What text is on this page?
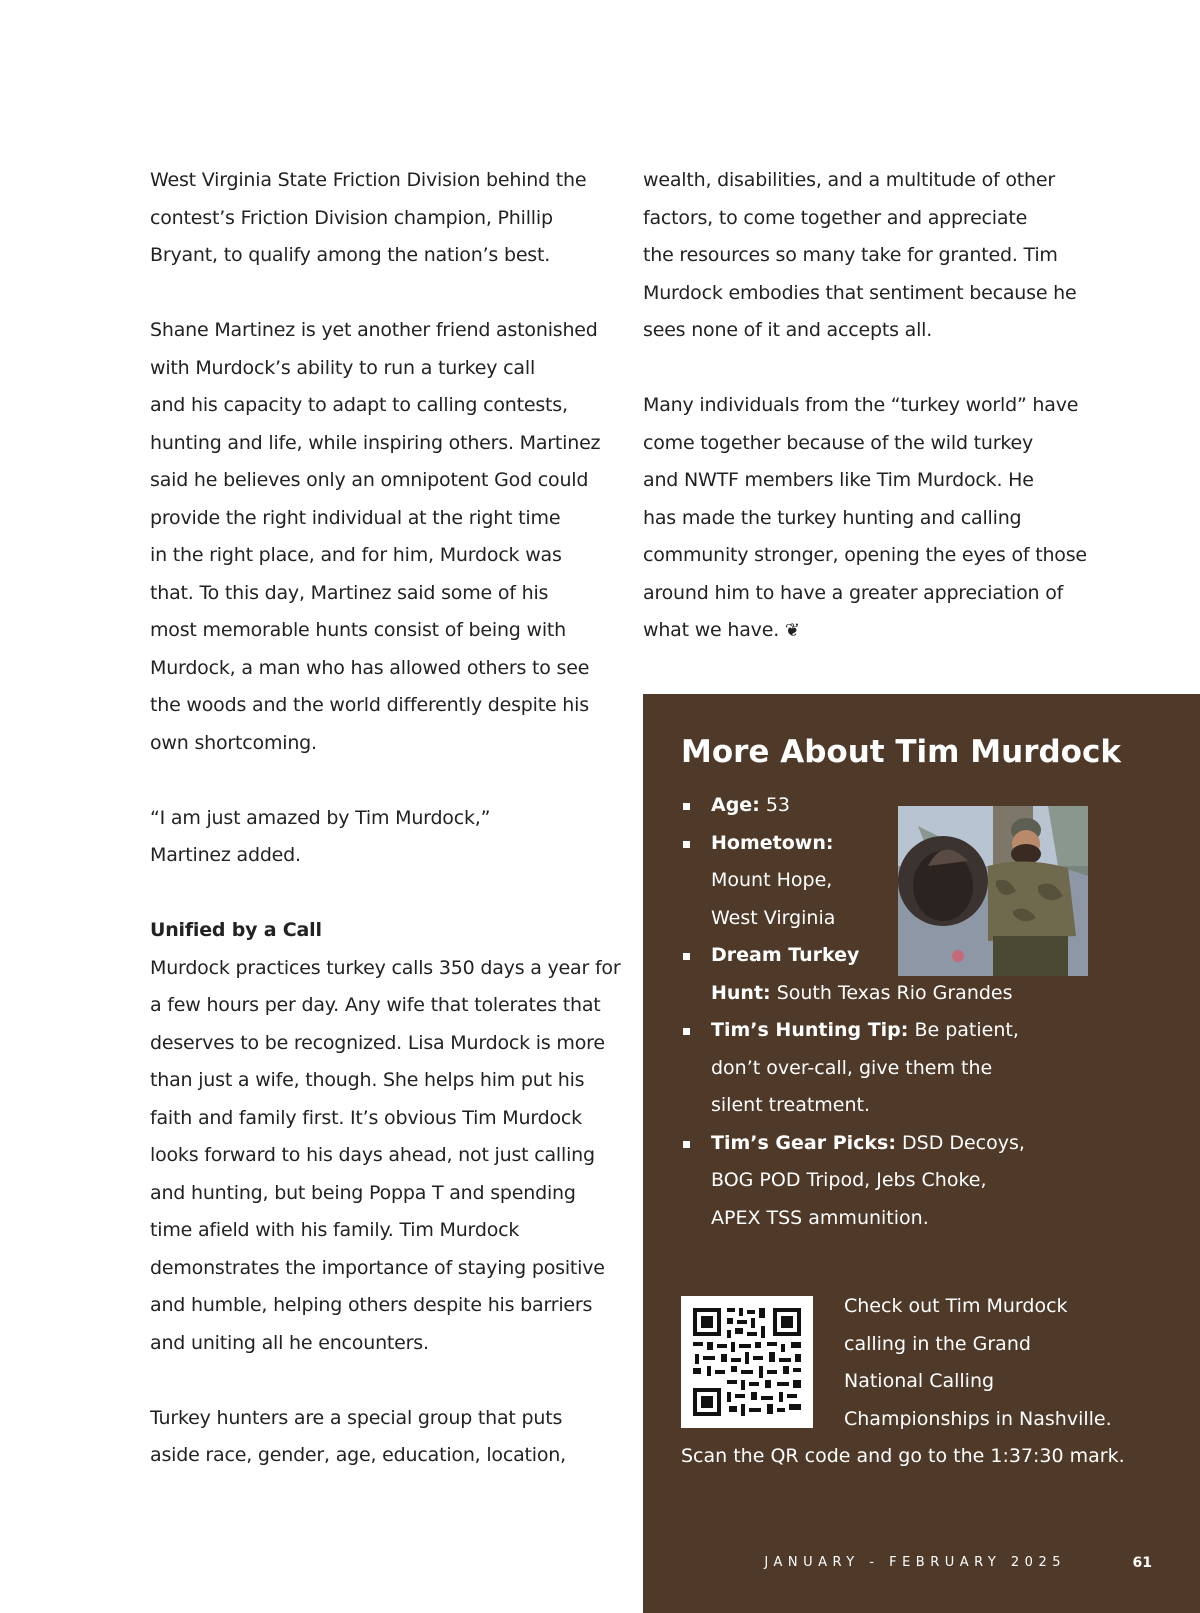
West Virginia State Friction Division behind the
contest’s Friction Division champion, Phillip
Bryant, to qualify among the nation’s best.
Shane Martinez is yet another friend astonished
with Murdock’s ability to run a turkey call
and his capacity to adapt to calling contests,
hunting and life, while inspiring others. Martinez
said he believes only an omnipotent God could
provide the right individual at the right time
in the right place, and for him, Murdock was
that. To this day, Martinez said some of his
most memorable hunts consist of being with
Murdock, a man who has allowed others to see
the woods and the world differently despite his
own shortcoming.
“I am just amazed by Tim Murdock,”
Martinez added.
Unified by a Call
Murdock practices turkey calls 350 days a year for
a few hours per day. Any wife that tolerates that
deserves to be recognized. Lisa Murdock is more
than just a wife, though. She helps him put his
faith and family first. It’s obvious Tim Murdock
looks forward to his days ahead, not just calling
and hunting, but being Poppa T and spending
time afield with his family. Tim Murdock
demonstrates the importance of staying positive
and humble, helping others despite his barriers
and uniting all he encounters.
Turkey hunters are a special group that puts
aside race, gender, age, education, location,
wealth, disabilities, and a multitude of other
factors, to come together and appreciate
the resources so many take for granted. Tim
Murdock embodies that sentiment because he
sees none of it and accepts all.
Many individuals from the “turkey world” have
come together because of the wild turkey
and NWTF members like Tim Murdock. He
has made the turkey hunting and calling
community stronger, opening the eyes of those
around him to have a greater appreciation of
what we have. ❦
More About Tim Murdock
Age: 53
Hometown:
Mount Hope,
West Virginia
Dream Turkey
Hunt: South Texas Rio Grandes
Tim’s Hunting Tip: Be patient,
don’t over-call, give them the
silent treatment.
Tim’s Gear Picks: DSD Decoys,
BOG POD Tripod, Jebs Choke,
APEX TSS ammunition.
Check out Tim Murdock
calling in the Grand
National Calling
Championships in Nashville.
Scan the QR code and go to the 1:37:30 mark.
JANUARY - FEBRUARY 2025	61
